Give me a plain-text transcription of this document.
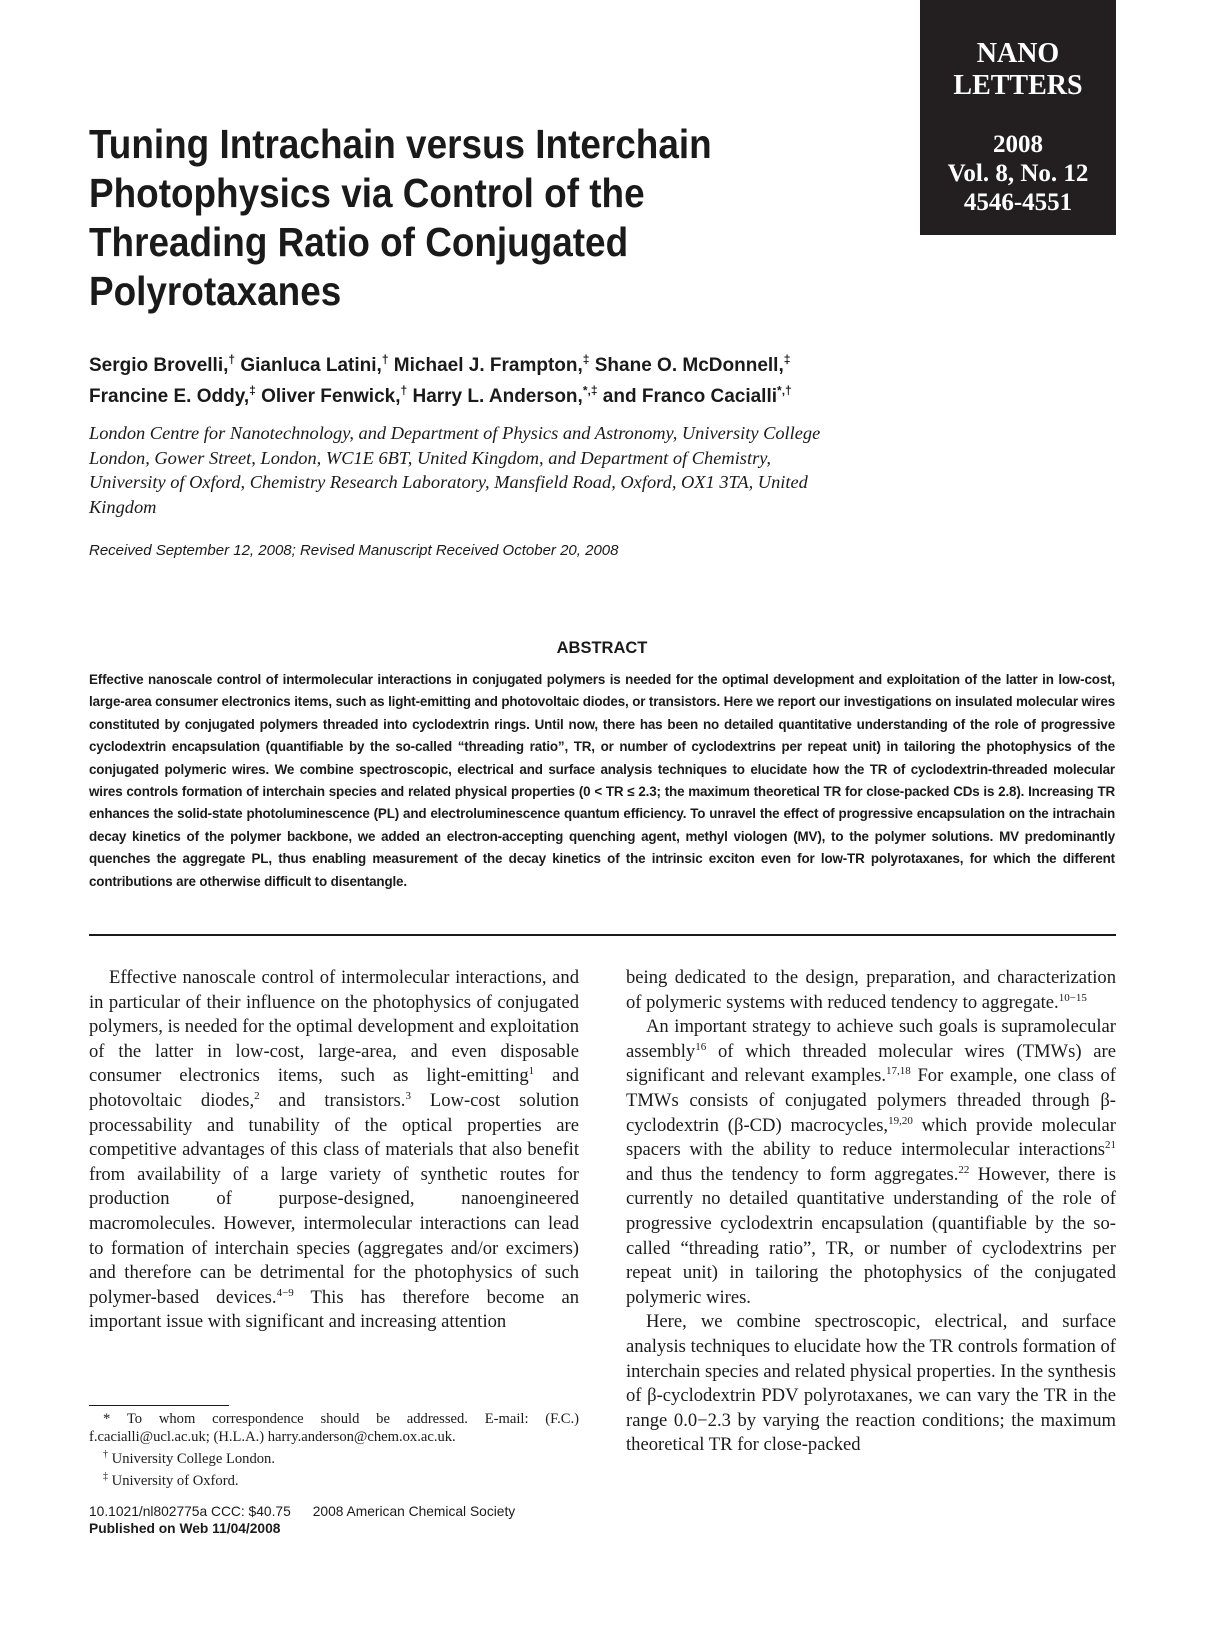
NANO
LETTERS
2008
Vol. 8, No. 12
4546-4551
Tuning Intrachain versus Interchain Photophysics via Control of the Threading Ratio of Conjugated Polyrotaxanes
Sergio Brovelli,† Gianluca Latini,† Michael J. Frampton,‡ Shane O. McDonnell,‡
Francine E. Oddy,‡ Oliver Fenwick,† Harry L. Anderson,*,‡ and Franco Cacialli*,†
London Centre for Nanotechnology, and Department of Physics and Astronomy, University College London, Gower Street, London, WC1E 6BT, United Kingdom, and Department of Chemistry, University of Oxford, Chemistry Research Laboratory, Mansfield Road, Oxford, OX1 3TA, United Kingdom
Received September 12, 2008; Revised Manuscript Received October 20, 2008
ABSTRACT
Effective nanoscale control of intermolecular interactions in conjugated polymers is needed for the optimal development and exploitation of the latter in low-cost, large-area consumer electronics items, such as light-emitting and photovoltaic diodes, or transistors. Here we report our investigations on insulated molecular wires constituted by conjugated polymers threaded into cyclodextrin rings. Until now, there has been no detailed quantitative understanding of the role of progressive cyclodextrin encapsulation (quantifiable by the so-called “threading ratio”, TR, or number of cyclodextrins per repeat unit) in tailoring the photophysics of the conjugated polymeric wires. We combine spectroscopic, electrical and surface analysis techniques to elucidate how the TR of cyclodextrin-threaded molecular wires controls formation of interchain species and related physical properties (0 < TR ≤ 2.3; the maximum theoretical TR for close-packed CDs is 2.8). Increasing TR enhances the solid-state photoluminescence (PL) and electroluminescence quantum efficiency. To unravel the effect of progressive encapsulation on the intrachain decay kinetics of the polymer backbone, we added an electron-accepting quenching agent, methyl viologen (MV), to the polymer solutions. MV predominantly quenches the aggregate PL, thus enabling measurement of the decay kinetics of the intrinsic exciton even for low-TR polyrotaxanes, for which the different contributions are otherwise difficult to disentangle.

Effective nanoscale control of intermolecular interactions, and in particular of their influence on the photophysics of conjugated polymers, is needed for the optimal development and exploitation of the latter in low-cost, large-area, and even disposable consumer electronics items, such as light-emitting$^1$ and photovoltaic diodes,$^2$ and transistors.$^3$ Low-cost solution processability and tunability of the optical properties are competitive advantages of this class of materials that also benefit from availability of a large variety of synthetic routes for production of purpose-designed, nanoengineered macromolecules. However, intermolecular interactions can lead to formation of interchain species (aggregates and/or excimers) and therefore can be detrimental for the photophysics of such polymer-based devices.$^{4-9}$ This has therefore become an important issue with significant and increasing attention

being dedicated to the design, preparation, and characterization of polymeric systems with reduced tendency to aggregate.$^{10-15}$

An important strategy to achieve such goals is supramolecular assembly$^{16}$ of which threaded molecular wires (TMWs) are significant and relevant examples.$^{17,18}$ For example, one class of TMWs consists of conjugated polymers threaded through β-cyclodextrin (β-CD) macrocycles,$^{19,20}$ which provide molecular spacers with the ability to reduce intermolecular interactions$^{21}$ and thus the tendency to form aggregates.$^{22}$ However, there is currently no detailed quantitative understanding of the role of progressive cyclodextrin encapsulation (quantifiable by the so-called “threading ratio”, TR, or number of cyclodextrins per repeat unit) in tailoring the photophysics of the conjugated polymeric wires.

Here, we combine spectroscopic, electrical, and surface analysis techniques to elucidate how the TR controls formation of interchain species and related physical properties. In the synthesis of β-cyclodextrin PDV polyrotaxanes, we can vary the TR in the range 0.0−2.3 by varying the reaction conditions; the maximum theoretical TR for close-packed

* To whom correspondence should be addressed. E-mail: (F.C.) f.cacialli@ucl.ac.uk; (H.L.A.) harry.anderson@chem.ox.ac.uk.

† University College London.

‡ University of Oxford.

10.1021/nl802775a CCC: $40.75 2008 American Chemical Society
Published on Web 11/04/2008
